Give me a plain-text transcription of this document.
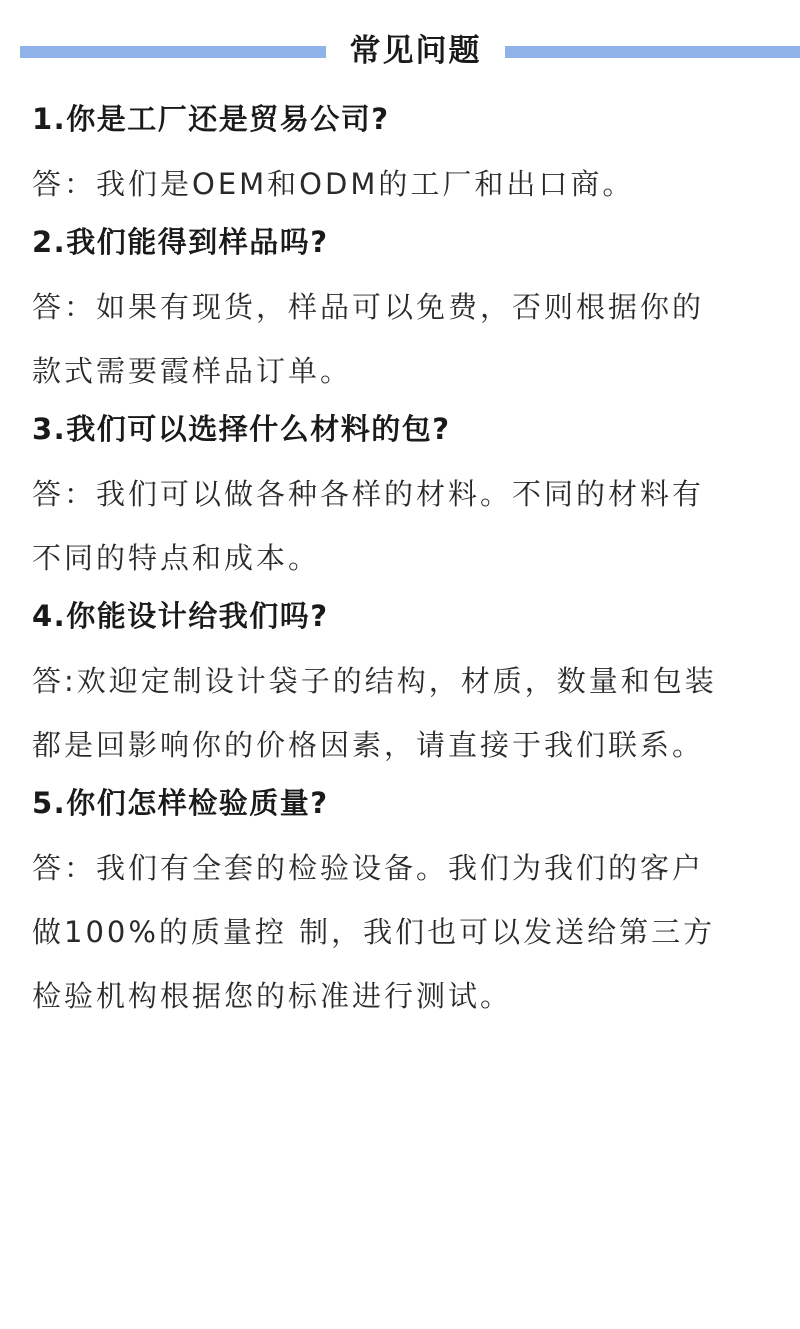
常见问题
1.你是工厂还是贸易公司?
答：我们是OEM和ODM的工厂和出口商。
2.我们能得到样品吗?
答：如果有现货，样品可以免费，否则根据你的
款式需要霞样品订单。
3.我们可以选择什么材料的包?
答：我们可以做各种各样的材料。不同的材料有
不同的特点和成本。
4.你能设计给我们吗?
答:欢迎定制设计袋子的结构，材质，数量和包装
都是回影响你的价格因素，请直接于我们联系。
5.你们怎样检验质量?
答：我们有全套的检验设备。我们为我们的客户
做100%的质量控 制，我们也可以发送给第三方
检验机构根据您的标准进行测试。
